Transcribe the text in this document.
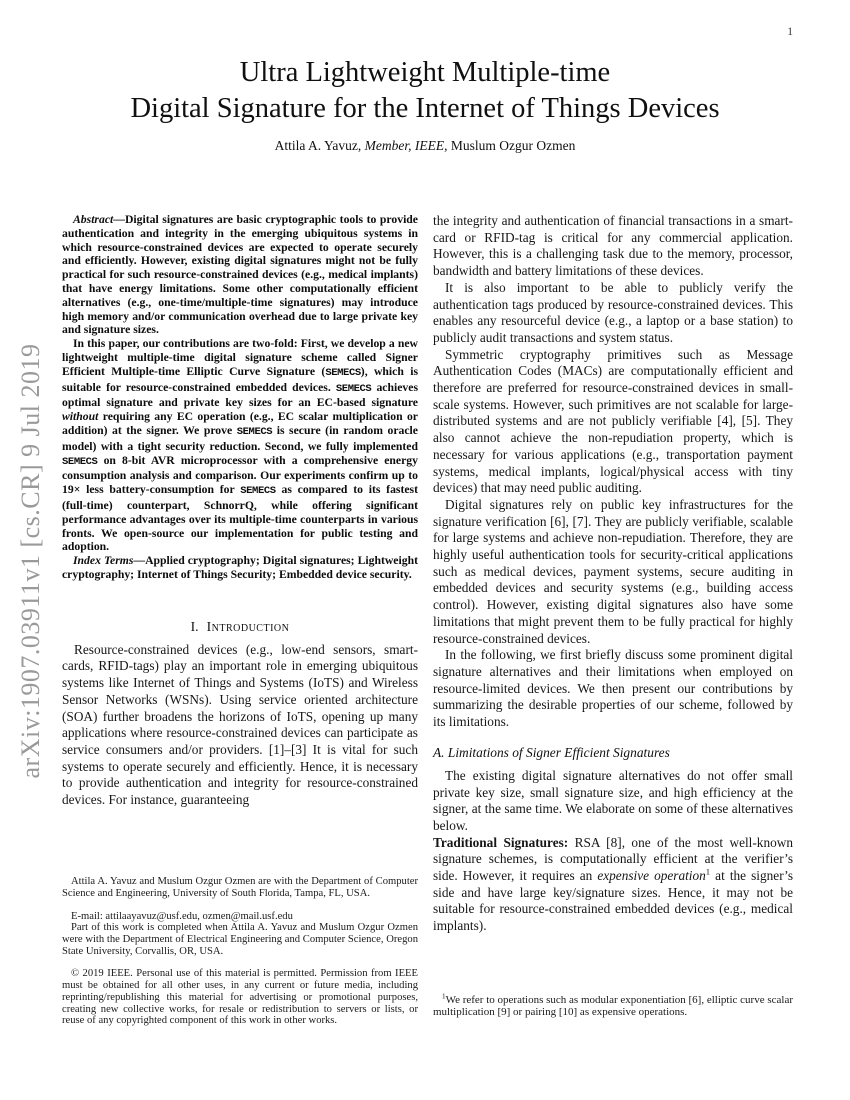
1
arXiv:1907.03911v1 [cs.CR] 9 Jul 2019
Ultra Lightweight Multiple-time
Digital Signature for the Internet of Things Devices
Attila A. Yavuz, Member, IEEE, Muslum Ozgur Ozmen

Abstract—Digital signatures are basic cryptographic tools to provide authentication and integrity in the emerging ubiquitous systems in which resource-constrained devices are expected to operate securely and efficiently. However, existing digital signatures might not be fully practical for such resource-constrained devices (e.g., medical implants) that have energy limitations. Some other computationally efficient alternatives (e.g., one-time/multiple-time signatures) may introduce high memory and/or communication overhead due to large private key and signature sizes.

In this paper, our contributions are two-fold: First, we develop a new lightweight multiple-time digital signature scheme called Signer Efficient Multiple-time Elliptic Curve Signature (SEMECS), which is suitable for resource-constrained embedded devices. SEMECS achieves optimal signature and private key sizes for an EC-based signature without requiring any EC operation (e.g., EC scalar multiplication or addition) at the signer. We prove SEMECS is secure (in random oracle model) with a tight security reduction. Second, we fully implemented SEMECS on 8-bit AVR microprocessor with a comprehensive energy consumption analysis and comparison. Our experiments confirm up to 19× less battery-consumption for SEMECS as compared to its fastest (full-time) counterpart, SchnorrQ, while offering significant performance advantages over its multiple-time counterparts in various fronts. We open-source our implementation for public testing and adoption.

Index Terms—Applied cryptography; Digital signatures; Lightweight cryptography; Internet of Things Security; Embedded device security.

I. Introduction

Resource-constrained devices (e.g., low-end sensors, smart-cards, RFID-tags) play an important role in emerging ubiquitous systems like Internet of Things and Systems (IoTS) and Wireless Sensor Networks (WSNs). Using service oriented architecture (SOA) further broadens the horizons of IoTS, opening up many applications where resource-constrained devices can participate as service consumers and/or providers. [1]–[3] It is vital for such systems to operate securely and efficiently. Hence, it is necessary to provide authentication and integrity for resource-constrained devices. For instance, guaranteeing

Attila A. Yavuz and Muslum Ozgur Ozmen are with the Department of Computer Science and Engineering, University of South Florida, Tampa, FL, USA.

E-mail: attilaayavuz@usf.edu, ozmen@mail.usf.edu

Part of this work is completed when Attila A. Yavuz and Muslum Ozgur Ozmen were with the Department of Electrical Engineering and Computer Science, Oregon State University, Corvallis, OR, USA.

© 2019 IEEE. Personal use of this material is permitted. Permission from IEEE must be obtained for all other uses, in any current or future media, including reprinting/republishing this material for advertising or promotional purposes, creating new collective works, for resale or redistribution to servers or lists, or reuse of any copyrighted component of this work in other works.

the integrity and authentication of financial transactions in a smart-card or RFID-tag is critical for any commercial application. However, this is a challenging task due to the memory, processor, bandwidth and battery limitations of these devices.

It is also important to be able to publicly verify the authentication tags produced by resource-constrained devices. This enables any resourceful device (e.g., a laptop or a base station) to publicly audit transactions and system status.

Symmetric cryptography primitives such as Message Authentication Codes (MACs) are computationally efficient and therefore are preferred for resource-constrained devices in small-scale systems. However, such primitives are not scalable for large-distributed systems and are not publicly verifiable [4], [5]. They also cannot achieve the non-repudiation property, which is necessary for various applications (e.g., transportation payment systems, medical implants, logical/physical access with tiny devices) that may need public auditing.

Digital signatures rely on public key infrastructures for the signature verification [6], [7]. They are publicly verifiable, scalable for large systems and achieve non-repudiation. Therefore, they are highly useful authentication tools for security-critical applications such as medical devices, payment systems, secure auditing in embedded devices and security systems (e.g., building access control). However, existing digital signatures also have some limitations that might prevent them to be fully practical for highly resource-constrained devices.

In the following, we first briefly discuss some prominent digital signature alternatives and their limitations when employed on resource-limited devices. We then present our contributions by summarizing the desirable properties of our scheme, followed by its limitations.

A. Limitations of Signer Efficient Signatures

The existing digital signature alternatives do not offer small private key size, small signature size, and high efficiency at the signer, at the same time. We elaborate on some of these alternatives below.

Traditional Signatures: RSA [8], one of the most well-known signature schemes, is computationally efficient at the verifier’s side. However, it requires an expensive operation$^1$ at the signer’s side and have large key/signature sizes. Hence, it may not be suitable for resource-constrained embedded devices (e.g., medical implants).

$^1$We refer to operations such as modular exponentiation [6], elliptic curve scalar multiplication [9] or pairing [10] as expensive operations.
